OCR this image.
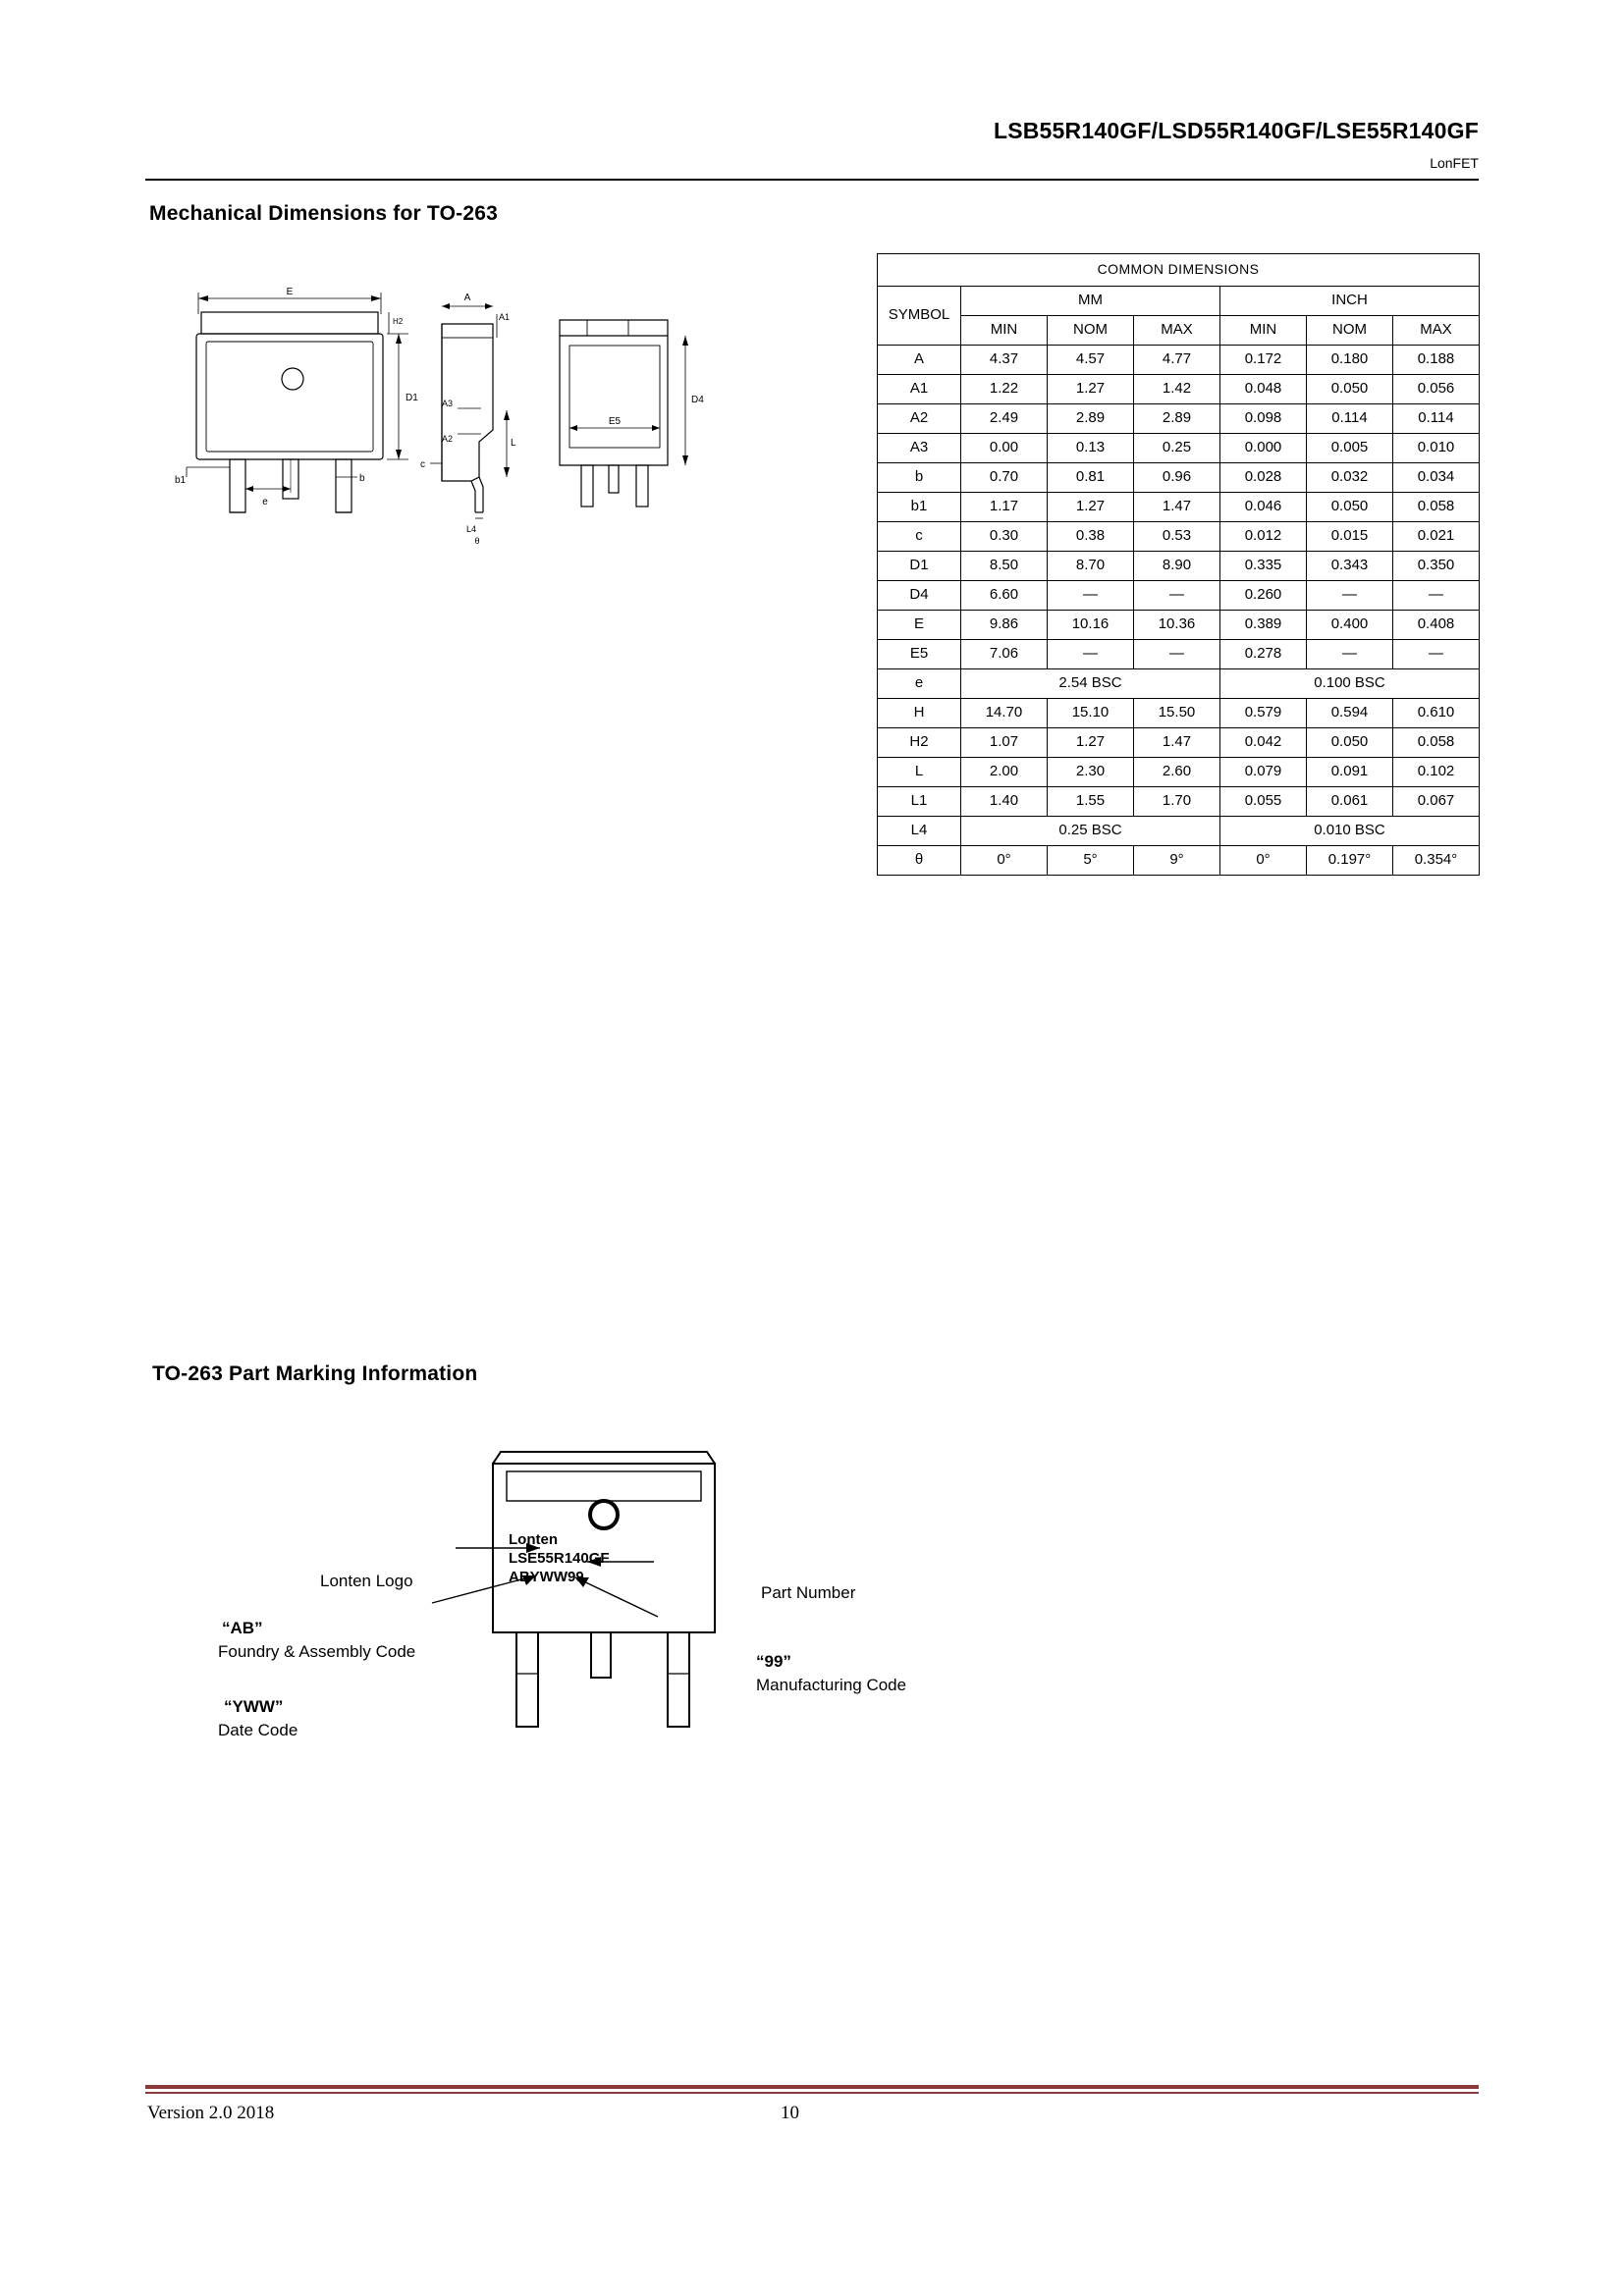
LSB55R140GF/LSD55R140GF/LSE55R140GF
LonFET
Mechanical Dimensions for TO-263
E
D1
H2
b1
e
b
A
A1
A3
A2	L
c
L4
θ
D4
E5
COMMON DIMENSIONS						
SYMBOL	MM			INCH		
	MIN	NOM	MAX	MIN	NOM	MAX
A	4.37	4.57	4.77	0.172	0.180	0.188
A1	1.22	1.27	1.42	0.048	0.050	0.056
A2	2.49	2.89	2.89	0.098	0.114	0.114
A3	0.00	0.13	0.25	0.000	0.005	0.010
b	0.70	0.81	0.96	0.028	0.032	0.034
b1	1.17	1.27	1.47	0.046	0.050	0.058
c	0.30	0.38	0.53	0.012	0.015	0.021
D1	8.50	8.70	8.90	0.335	0.343	0.350
D4	6.60	—	—	0.260	—	—
E	9.86	10.16	10.36	0.389	0.400	0.408
E5	7.06	—	—	0.278	—	—
e	2.54 BSC			0.100 BSC		
H	14.70	15.10	15.50	0.579	0.594	0.610
H2	1.07	1.27	1.47	0.042	0.050	0.058
L	2.00	2.30	2.60	0.079	0.091	0.102
L1	1.40	1.55	1.70	0.055	0.061	0.067
L4	0.25 BSC			0.010 BSC		
θ	0°	5°	9°	0°	0.197°	0.354°
TO-263 Part Marking Information
Lonten
LSE55R140GF
ABYWW99
Lonten Logo
Part Number
“AB”
Foundry & Assembly Code
“YWW”
Date Code
“99”
Manufacturing Code
Version 2.0 2018	10
